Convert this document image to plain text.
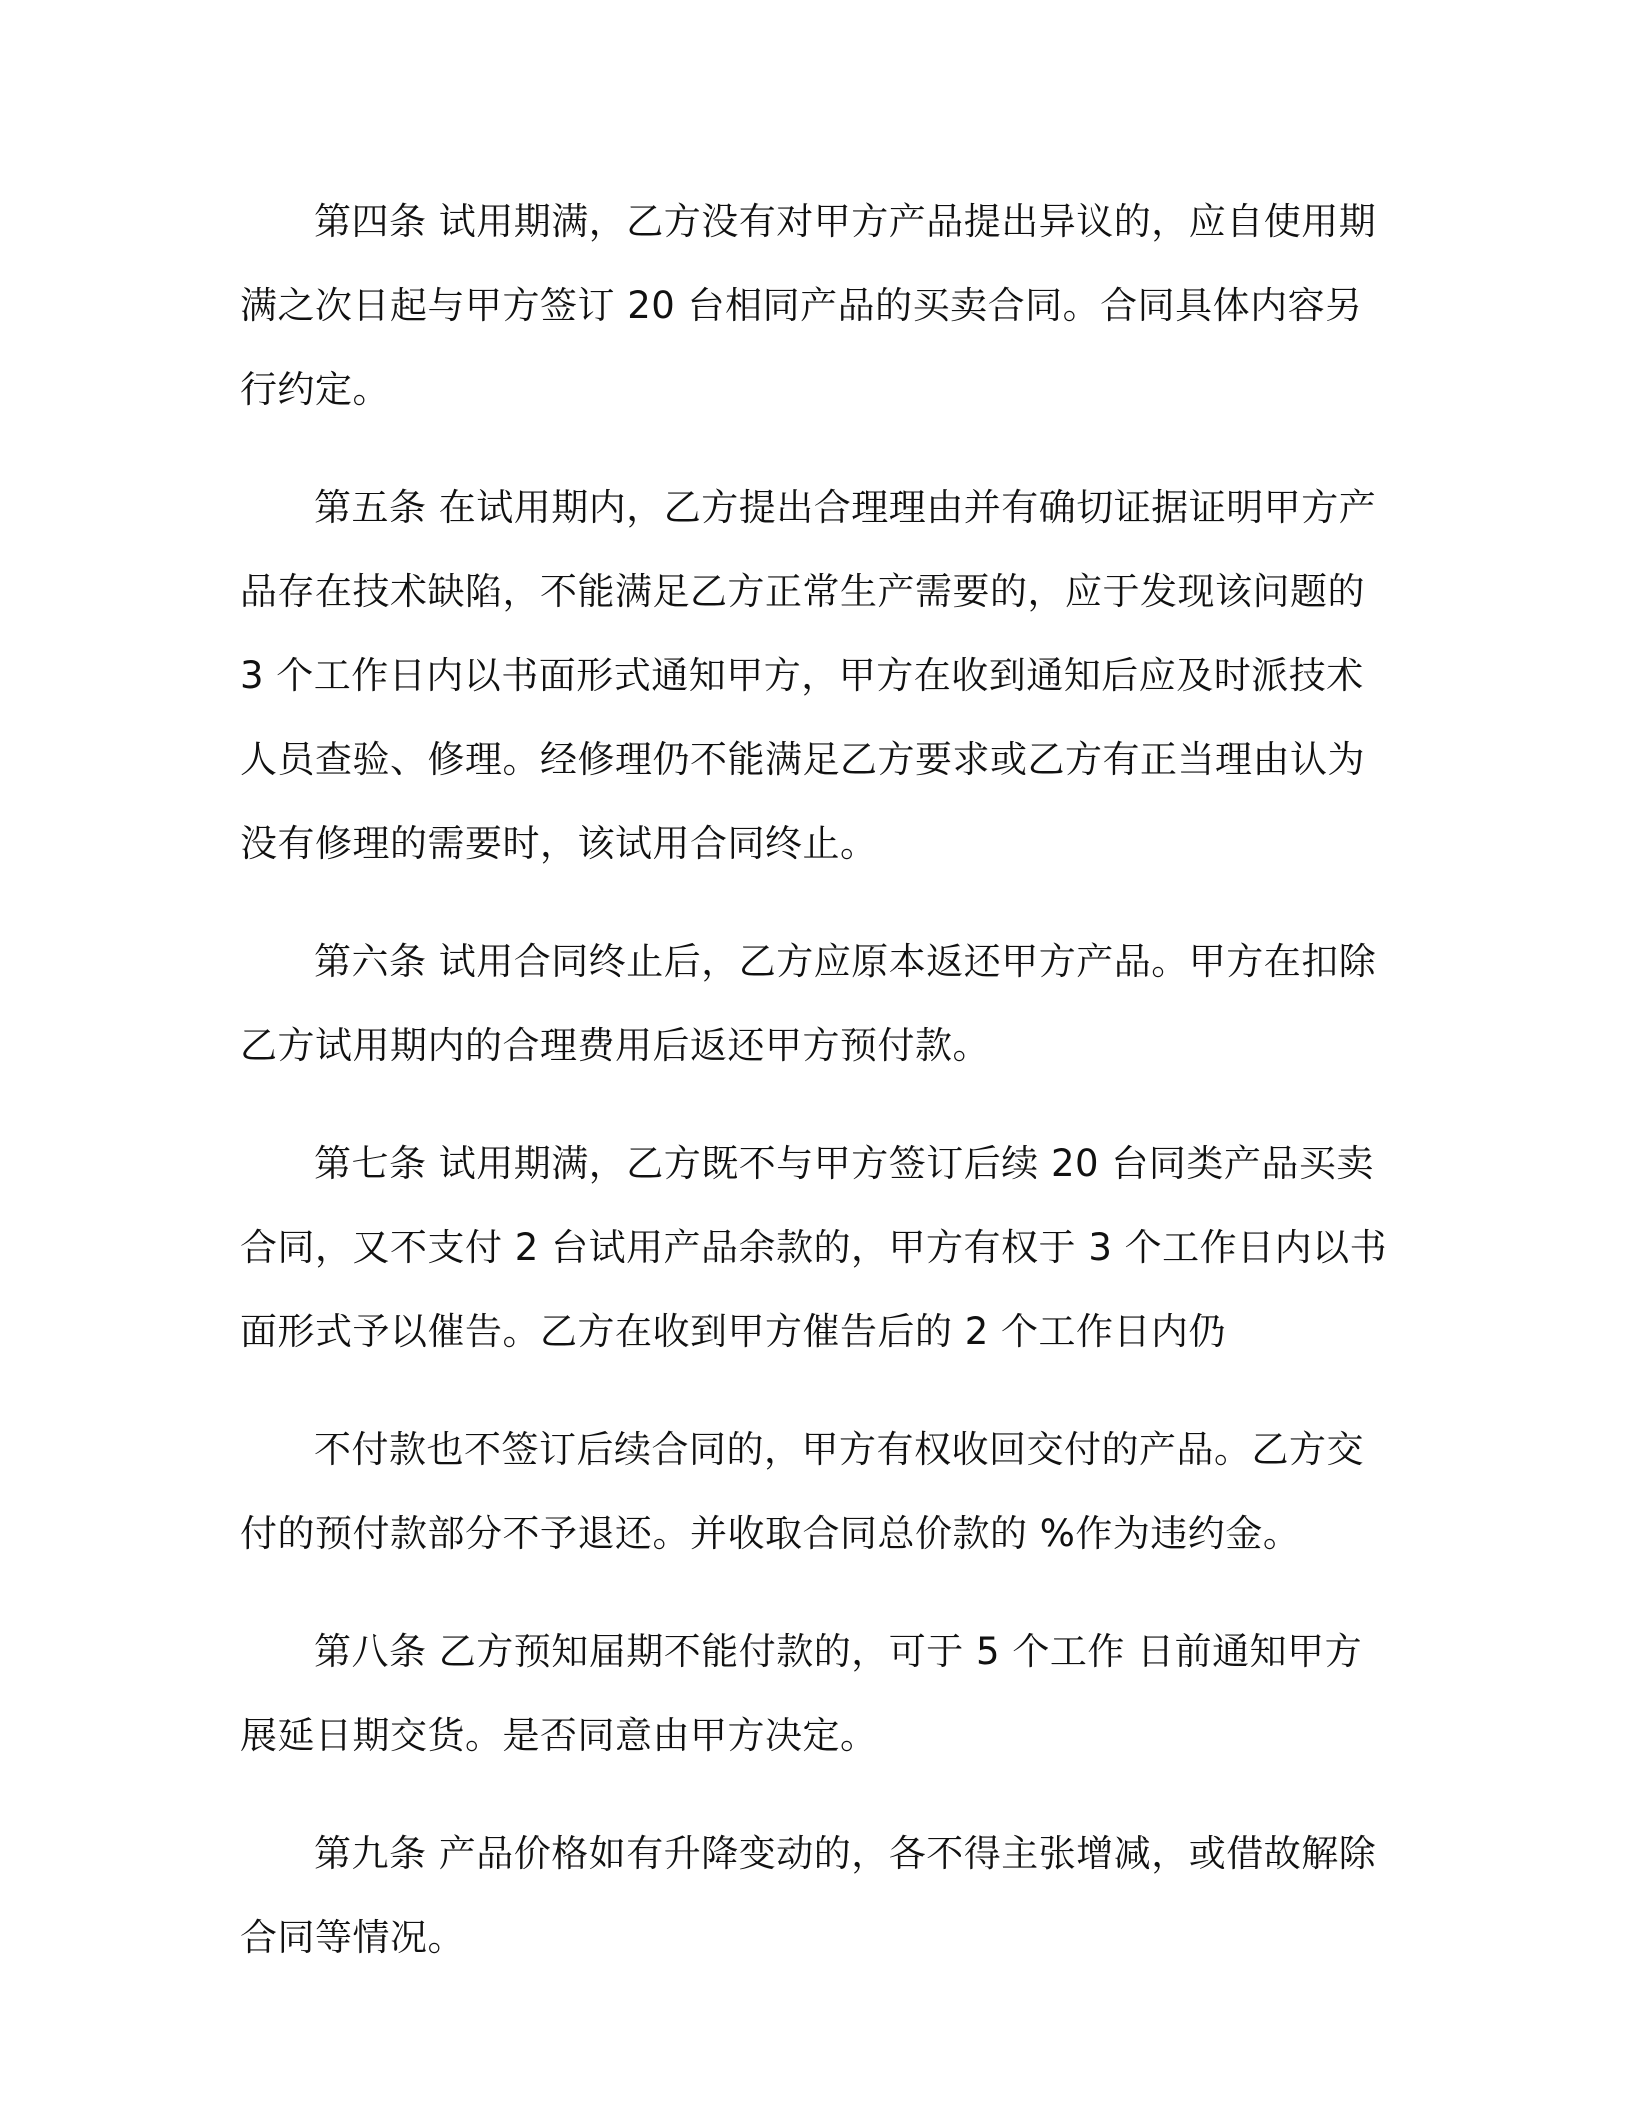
第四条 试用期满，乙方没有对甲方产品提出异议的，应自使用期满之次日起与甲方签订 20 台相同产品的买卖合同。合同具体内容另行约定。

第五条 在试用期内，乙方提出合理理由并有确切证据证明甲方产品存在技术缺陷，不能满足乙方正常生产需要的，应于发现该问题的 3 个工作日内以书面形式通知甲方，甲方在收到通知后应及时派技术人员查验、修理。经修理仍不能满足乙方要求或乙方有正当理由认为没有修理的需要时，该试用合同终止。

第六条 试用合同终止后，乙方应原本返还甲方产品。甲方在扣除乙方试用期内的合理费用后返还甲方预付款。

第七条 试用期满，乙方既不与甲方签订后续 20 台同类产品买卖合同，又不支付 2 台试用产品余款的，甲方有权于 3 个工作日内以书面形式予以催告。乙方在收到甲方催告后的 2 个工作日内仍

不付款也不签订后续合同的，甲方有权收回交付的产品。乙方交付的预付款部分不予退还。并收取合同总价款的 %作为违约金。

第八条 乙方预知届期不能付款的，可于 5 个工作 日前通知甲方展延日期交货。是否同意由甲方决定。

第九条 产品价格如有升降变动的，各不得主张增减，或借故解除合同等情况。
